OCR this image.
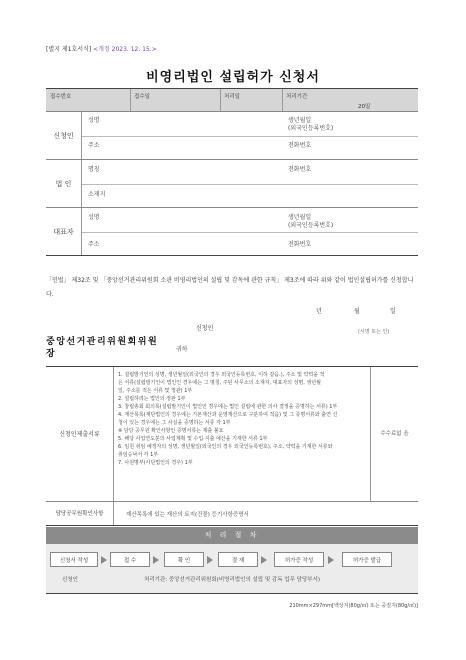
[별지 제1호서식] <개정 2023. 12. 15.>
비영리법인 설립허가 신청서
접수번호	접수일	처리일	처리기간
20일
신청인
성명	생년월일
(외국인등록번호)
주소	전화번호
법 인
명칭	전화번호
소재지
대표자
성명	생년월일
(외국인등록번호)
주소	전화번호
「민법」 제32조 및 「중앙선거관리위원회 소관 비영리법인의 설립 및 감독에 관한 규칙」 제3조에 따라 위와 같이 법인설립허가를 신청합니다.
년	월	일
신청인	(서명 또는 인)
중앙선거관리위원회위원
장	귀하
신청인 제출서류
1. 설립발기인의 성명, 생년월일(외국인의 경우 외국인등록번호, 이하 같음.), 주소 및 약력을 적
은 서류(설립발기인이 법인인 경우에는 그 명칭, 주된 사무소의 소재지, 대표자의 성명, 생년월
일, 주소를 적은 서류 및 정관) 1부
2. 설립하려는 법인의 정관 1부
3. 창립총회 회의록(설립발기인이 법인인 경우에는 법인 설립에 관한 의사 결정을 증명하는 서류) 1부
4. 재산목록(재단법인의 경우에는 기본재산과 운영재산으로 구분하여 적음) 및 그 증명서류와 출연 신
청이 있는 경우에는 그 사실을 증명하는 서류 각 1부
※ 담당 공무원 확인사항인 증명서류는 제출 불요
5. 해당 사업연도분의 사업계획 및 수입·지출 예산을 기재한 서류 1부
6. 임원 취임 예정자의 성명, 생년월일(외국인의 경우 외국인등록번호), 주소, 약력을 기재한 서류와
취임승낙서 각 1부
7. 사원명부(사단법인의 경우) 1부
수수료 없 음
담당공무원 확인사항	재산목록에 있는 재산의 토지(건물) 등기사항증명서
처 리 절 차
신청서 작성	접 수	확 인	결 재	허가증 작성	허가증 발급
신청인	처리기관: 중앙선거관리위원회(비영리법인의 설립 및 감독 업무 담당부서)
210mm×297mm[백상지(80g/㎡) 또는 중질지(80g/㎡)]
